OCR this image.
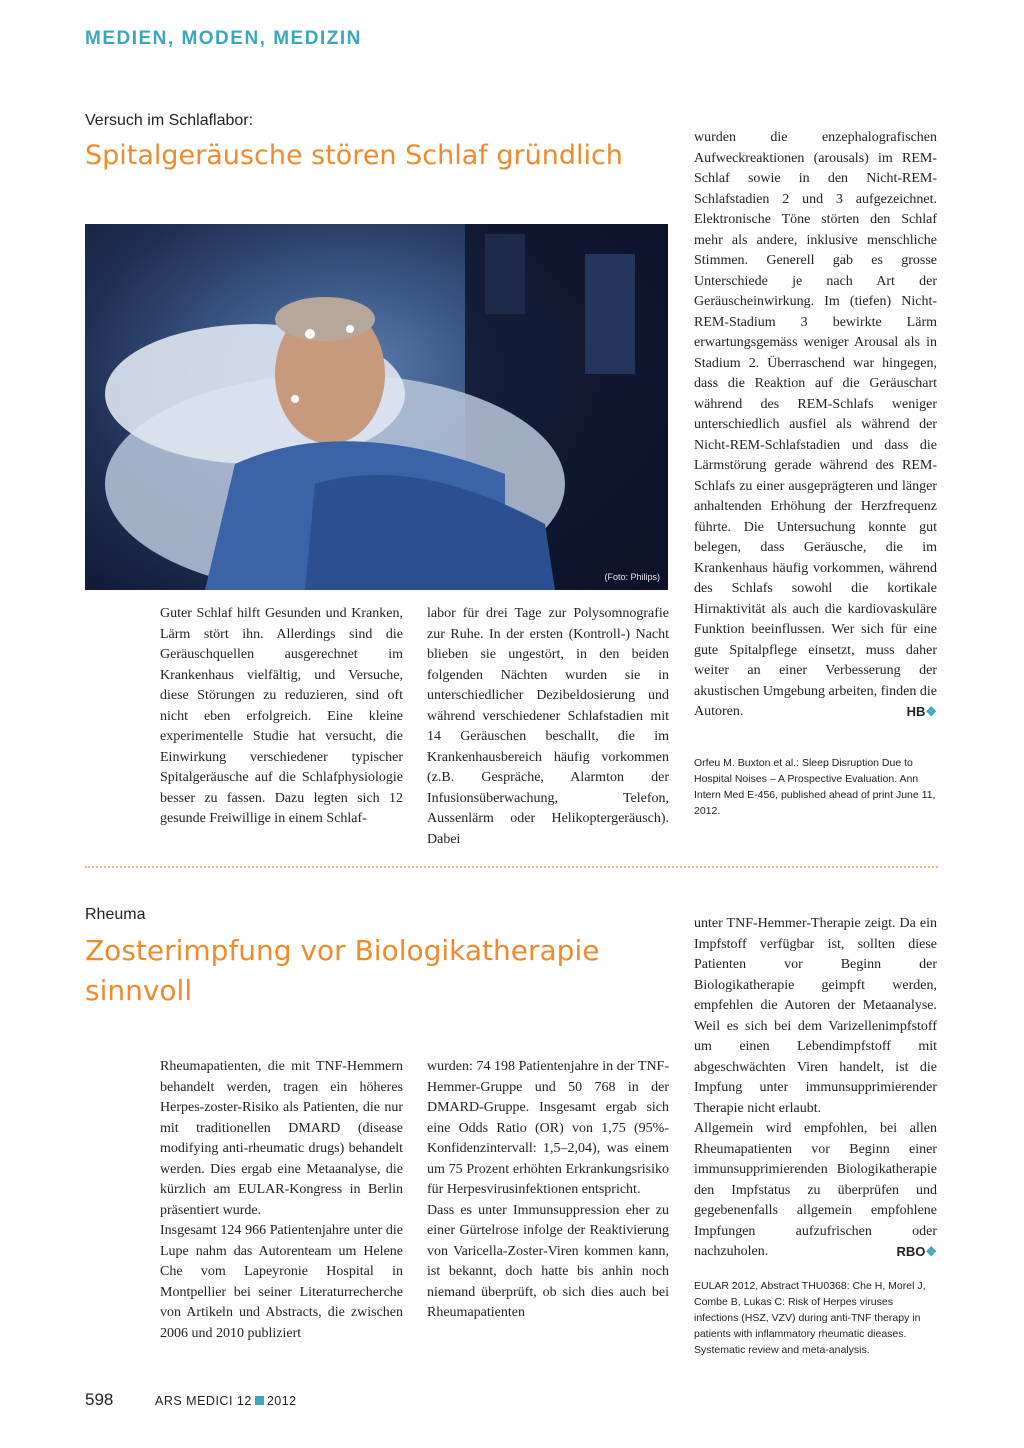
MEDIEN, MODEN, MEDIZIN
Versuch im Schlaflabor:
Spitalgeräusche stören Schlaf gründlich
(Foto: Philips)

Guter Schlaf hilft Gesunden und Kranken, Lärm stört ihn. Allerdings sind die Geräuschquellen ausgerechnet im Krankenhaus vielfältig, und Versuche, diese Störungen zu reduzieren, sind oft nicht eben erfolgreich. Eine kleine experimentelle Studie hat versucht, die Einwirkung verschiedener typischer Spitalgeräusche auf die Schlafphysiologie besser zu fassen. Dazu legten sich 12 gesunde Freiwillige in einem Schlaf-

labor für drei Tage zur Polysomnografie zur Ruhe. In der ersten (Kontroll-) Nacht blieben sie ungestört, in den beiden folgenden Nächten wurden sie in unterschiedlicher Dezibeldosierung und während verschiedener Schlafstadien mit 14 Geräuschen beschallt, die im Krankenhausbereich häufig vorkommen (z.B. Gespräche, Alarmton der Infusionsüberwachung, Telefon, Aussenlärm oder Helikoptergeräusch). Dabei

wurden die enzephalografischen Aufweckreaktionen (arousals) im REM-Schlaf sowie in den Nicht-REM-Schlafstadien 2 und 3 aufgezeichnet. Elektronische Töne störten den Schlaf mehr als andere, inklusive menschliche Stimmen. Generell gab es grosse Unterschiede je nach Art der Geräuscheinwirkung. Im (tiefen) Nicht-REM-Stadium 3 bewirkte Lärm erwartungsgemäss weniger Arousal als in Stadium 2. Überraschend war hingegen, dass die Reaktion auf die Geräuschart während des REM-Schlafs weniger unterschiedlich ausfiel als während der Nicht-REM-Schlafstadien und dass die Lärmstörung gerade während des REM-Schlafs zu einer ausgeprägteren und länger anhaltenden Erhöhung der Herzfrequenz führte. Die Untersuchung konnte gut belegen, dass Geräusche, die im Krankenhaus häufig vorkommen, während des Schlafs sowohl die kortikale Hirnaktivität als auch die kardiovaskuläre Funktion beeinflussen. Wer sich für eine gute Spitalpflege einsetzt, muss daher weiter an einer Verbesserung der akustischen Umgebung arbeiten, finden die Autoren.	HB❖

Orfeu M. Buxton et al.: Sleep Disruption Due to Hospital Noises – A Prospective Evaluation. Ann Intern Med E-456, published ahead of print June 11, 2012.
Rheuma
Zosterimpfung vor Biologikatherapie sinnvoll

Rheumapatienten, die mit TNF-Hemmern behandelt werden, tragen ein höheres Herpes-zoster-Risiko als Patienten, die nur mit traditionellen DMARD (disease modifying anti-rheumatic drugs) behandelt werden. Dies ergab eine Metaanalyse, die kürzlich am EULAR-Kongress in Berlin präsentiert wurde.

Insgesamt 124 966 Patientenjahre unter die Lupe nahm das Autorenteam um Helene Che vom Lapeyronie Hospital in Montpellier bei seiner Literaturrecherche von Artikeln und Abstracts, die zwischen 2006 und 2010 publiziert

wurden: 74 198 Patientenjahre in der TNF-Hemmer-Gruppe und 50 768 in der DMARD-Gruppe. Insgesamt ergab sich eine Odds Ratio (OR) von 1,75 (95%-Konfidenzintervall: 1,5–2,04), was einem um 75 Prozent erhöhten Erkrankungsrisiko für Herpesvirusinfektionen entspricht.

Dass es unter Immunsuppression eher zu einer Gürtelrose infolge der Reaktivierung von Varicella-Zoster-Viren kommen kann, ist bekannt, doch hatte bis anhin noch niemand überprüft, ob sich dies auch bei Rheumapatienten

unter TNF-Hemmer-Therapie zeigt. Da ein Impfstoff verfügbar ist, sollten diese Patienten vor Beginn der Biologikatherapie geimpft werden, empfehlen die Autoren der Metaanalyse. Weil es sich bei dem Varizellenimpfstoff um einen Lebendimpfstoff mit abgeschwächten Viren handelt, ist die Impfung unter immunsupprimierender Therapie nicht erlaubt.

Allgemein wird empfohlen, bei allen Rheumapatienten vor Beginn einer immunsupprimierenden Biologikatherapie den Impfstatus zu überprüfen und gegebenenfalls allgemein empfohlene Impfungen aufzufrischen oder nachzuholen.	RBO❖

EULAR 2012, Abstract THU0368: Che H, Morel J, Combe B, Lukas C: Risk of Herpes viruses infections (HSZ, VZV) during anti-TNF therapy in patients with inflammatory rheumatic dieases. Systematic review and meta-analysis.
598	ARS MEDICI 12 2012
